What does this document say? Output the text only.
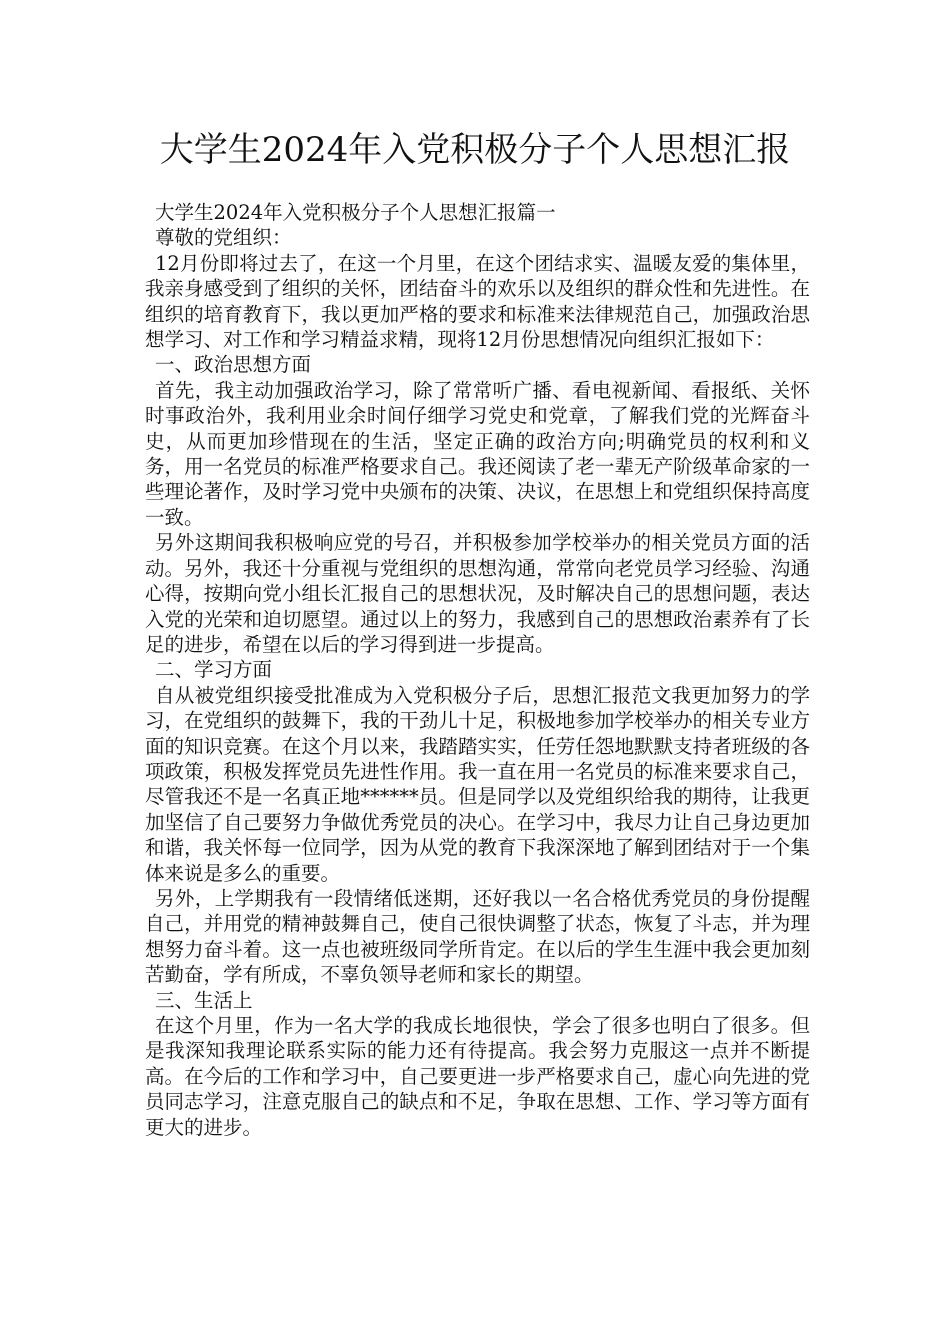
大学生2024年入党积极分子个人思想汇报

大学生2024年入党积极分子个人思想汇报篇一

尊敬的党组织：

12月份即将过去了，在这一个月里，在这个团结求实、温暖友爱的集体里，我亲身感受到了组织的关怀，团结奋斗的欢乐以及组织的群众性和先进性。在组织的培育教育下，我以更加严格的要求和标准来法律规范自己，加强政治思想学习、对工作和学习精益求精，现将12月份思想情况向组织汇报如下：

一、政治思想方面

首先，我主动加强政治学习，除了常常听广播、看电视新闻、看报纸、关怀时事政治外，我利用业余时间仔细学习党史和党章，了解我们党的光辉奋斗史，从而更加珍惜现在的生活，坚定正确的政治方向;明确党员的权利和义务，用一名党员的标准严格要求自己。我还阅读了老一辈无产阶级革命家的一些理论著作，及时学习党中央颁布的决策、决议，在思想上和党组织保持高度一致。

另外这期间我积极响应党的号召，并积极参加学校举办的相关党员方面的活动。另外，我还十分重视与党组织的思想沟通，常常向老党员学习经验、沟通心得，按期向党小组长汇报自己的思想状况，及时解决自己的思想问题，表达入党的光荣和迫切愿望。通过以上的努力，我感到自己的思想政治素养有了长足的进步，希望在以后的学习得到进一步提高。

二、学习方面

自从被党组织接受批准成为入党积极分子后，思想汇报范文我更加努力的学习，在党组织的鼓舞下，我的干劲儿十足，积极地参加学校举办的相关专业方面的知识竞赛。在这个月以来，我踏踏实实，任劳任怨地默默支持者班级的各项政策，积极发挥党员先进性作用。我一直在用一名党员的标准来要求自己，尽管我还不是一名真正地******员。但是同学以及党组织给我的期待，让我更加坚信了自己要努力争做优秀党员的决心。在学习中，我尽力让自己身边更加和谐，我关怀每一位同学，因为从党的教育下我深深地了解到团结对于一个集体来说是多么的重要。

另外，上学期我有一段情绪低迷期，还好我以一名合格优秀党员的身份提醒自己，并用党的精神鼓舞自己，使自己很快调整了状态，恢复了斗志，并为理想努力奋斗着。这一点也被班级同学所肯定。在以后的学生生涯中我会更加刻苦勤奋，学有所成，不辜负领导老师和家长的期望。

三、生活上

在这个月里，作为一名大学的我成长地很快，学会了很多也明白了很多。但是我深知我理论联系实际的能力还有待提高。我会努力克服这一点并不断提高。在今后的工作和学习中，自己要更进一步严格要求自己，虚心向先进的党员同志学习，注意克服自己的缺点和不足，争取在思想、工作、学习等方面有更大的进步。
